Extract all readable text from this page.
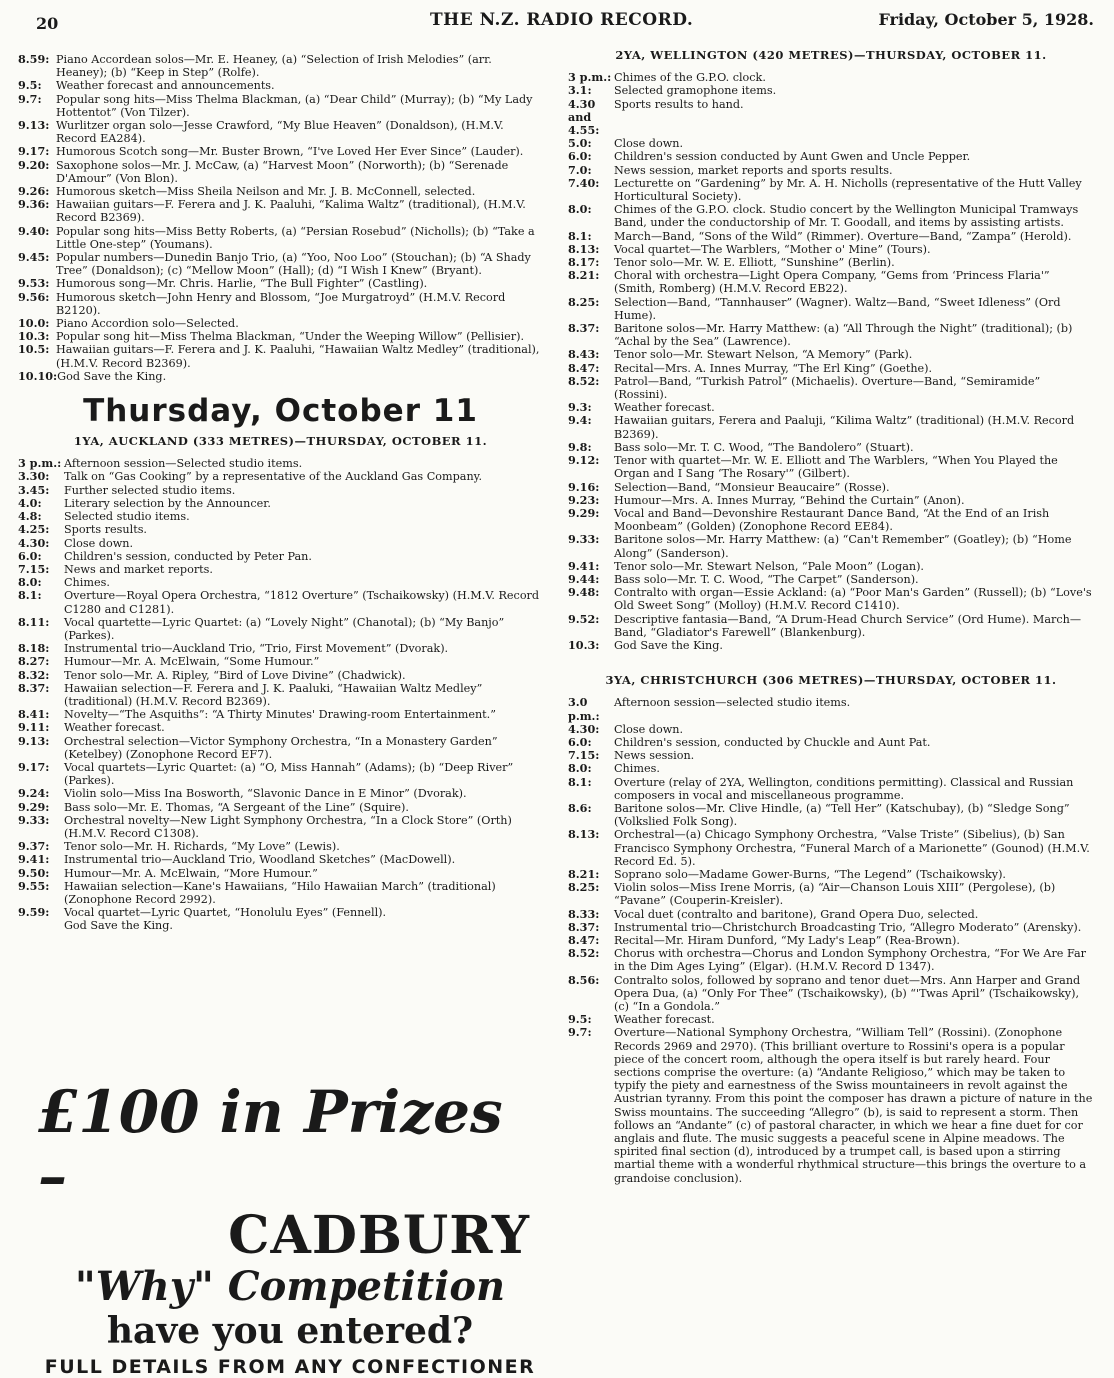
20	THE N.Z. RADIO RECORD.	Friday, October 5, 1928.
8.59: Piano Accordean solos—Mr. E. Heaney, (a) “Selection of Irish Melodies” (arr. Heaney); (b) “Keep in Step” (Rolfe).
9.5:	Weather forecast and announcements.
9.7:	Popular song hits—Miss Thelma Blackman, (a) “Dear Child” (Murray); (b) “My Lady Hottentot” (Von Tilzer).
9.13: Wurlitzer organ solo—Jesse Crawford, “My Blue Heaven” (Donaldson), (H.M.V. Record EA284).
9.17: Humorous Scotch song—Mr. Buster Brown, “I've Loved Her Ever Since” (Lauder).
9.20: Saxophone solos—Mr. J. McCaw, (a) “Harvest Moon” (Norworth); (b) “Serenade D'Amour” (Von Blon).
9.26: Humorous sketch—Miss Sheila Neilson and Mr. J. B. McConnell, selected.
9.36: Hawaiian guitars—F. Ferera and J. K. Paaluhi, “Kalima Waltz” (traditional), (H.M.V. Record B2369).
9.40: Popular song hits—Miss Betty Roberts, (a) “Persian Rosebud” (Nicholls); (b) “Take a Little One-step” (Youmans).
9.45: Popular numbers—Dunedin Banjo Trio, (a) “Yoo, Noo Loo” (Stouchan); (b) “A Shady Tree” (Donaldson); (c) “Mellow Moon” (Hall); (d) “I Wish I Knew” (Bryant).
9.53: Humorous song—Mr. Chris. Harlie, “The Bull Fighter” (Castling).
9.56: Humorous sketch—John Henry and Blossom, “Joe Murgatroyd” (H.M.V. Record B2120).
10.0: Piano Accordion solo—Selected.
10.3: Popular song hit—Miss Thelma Blackman, “Under the Weeping Willow” (Pellisier).
10.5: Hawaiian guitars—F. Ferera and J. K. Paaluhi, “Hawaiian Waltz Medley” (traditional), (H.M.V. Record B2369).
10.10: God Save the King.
Thursday, October 11
1YA, AUCKLAND (333 METRES)—THURSDAY, OCTOBER 11.
3 p.m.: Afternoon session—Selected studio items.
3.30:	Talk on “Gas Cooking” by a representative of the Auckland Gas Company.
3.45:	Further selected studio items.
4.0:	Literary selection by the Announcer.
4.8:	Selected studio items.
4.25:	Sports results.
4.30:	Close down.
6.0:	Children's session, conducted by Peter Pan.
7.15:	News and market reports.
8.0:	Chimes.
8.1:	Overture—Royal Opera Orchestra, “1812 Overture” (Tschaikowsky) (H.M.V. Record C1280 and C1281).
8.11:	Vocal quartette—Lyric Quartet: (a) “Lovely Night” (Chanotal); (b) “My Banjo” (Parkes).
8.18:	Instrumental trio—Auckland Trio, “Trio, First Movement” (Dvorak).
8.27:	Humour—Mr. A. McElwain, “Some Humour.”
8.32:	Tenor solo—Mr. A. Ripley, “Bird of Love Divine” (Chadwick).
8.37:	Hawaiian selection—F. Ferera and J. K. Paaluki, “Hawaiian Waltz Medley” (traditional) (H.M.V. Record B2369).
8.41:	Novelty—“The Asquiths”: “A Thirty Minutes' Drawing-room Entertainment.”
9.11:	Weather forecast.
9.13:	Orchestral selection—Victor Symphony Orchestra, “In a Monastery Garden” (Ketelbey) (Zonophone Record EF7).
9.17:	Vocal quartets—Lyric Quartet: (a) “O, Miss Hannah” (Adams); (b) “Deep River” (Parkes).
9.24:	Violin solo—Miss Ina Bosworth, “Slavonic Dance in E Minor” (Dvorak).
9.29:	Bass solo—Mr. E. Thomas, “A Sergeant of the Line” (Squire).
9.33:	Orchestral novelty—New Light Symphony Orchestra, “In a Clock Store” (Orth) (H.M.V. Record C1308).
9.37:	Tenor solo—Mr. H. Richards, “My Love” (Lewis).
9.41:	Instrumental trio—Auckland Trio, Woodland Sketches” (MacDowell).
9.50:	Humour—Mr. A. McElwain, “More Humour.”
9.55:	Hawaiian selection—Kane's Hawaiians, “Hilo Hawaiian March” (traditional) (Zonophone Record 2992).
9.59:	Vocal quartet—Lyric Quartet, “Honolulu Eyes” (Fennell).
God Save the King.
£100 in Prizes –
CADBURY
"Why" Competition
have you entered?
FULL DETAILS FROM ANY CONFECTIONER
2YA, WELLINGTON (420 METRES)—THURSDAY, OCTOBER 11.
3 p.m.: Chimes of the G.P.O. clock.
3.1:	Selected gramophone items.
4.30 and 4.55:
Sports results to hand.
5.0:	Close down.
6.0:	Children's session conducted by Aunt Gwen and Uncle Pepper.
7.0:	News session, market reports and sports results.
7.40:	Lecturette on “Gardening” by Mr. A. H. Nicholls (representative of the Hutt Valley Horticultural Society).
8.0:	Chimes of the G.P.O. clock. Studio concert by the Wellington Municipal Tramways Band, under the conductorship of Mr. T. Goodall, and items by assisting artists.
8.1:	March—Band, “Sons of the Wild” (Rimmer). Overture—Band, “Zampa” (Herold).
8.13:	Vocal quartet—The Warblers, “Mother o' Mine” (Tours).
8.17:	Tenor solo—Mr. W. E. Elliott, “Sunshine” (Berlin).
8.21:	Choral with orchestra—Light Opera Company, “Gems from ‘Princess Flaria'” (Smith, Romberg) (H.M.V. Record EB22).
8.25:	Selection—Band, “Tannhauser” (Wagner). Waltz—Band, “Sweet Idleness” (Ord Hume).
8.37:	Baritone solos—Mr. Harry Matthew: (a) “All Through the Night” (traditional); (b) “Achal by the Sea” (Lawrence).
8.43:	Tenor solo—Mr. Stewart Nelson, “A Memory” (Park).
8.47:	Recital—Mrs. A. Innes Murray, “The Erl King” (Goethe).
8.52:	Patrol—Band, “Turkish Patrol” (Michaelis). Overture—Band, “Semiramide” (Rossini).
9.3:	Weather forecast.
9.4:	Hawaiian guitars, Ferera and Paaluji, “Kilima Waltz” (traditional) (H.M.V. Record B2369).
9.8:	Bass solo—Mr. T. C. Wood, “The Bandolero” (Stuart).
9.12:	Tenor with quartet—Mr. W. E. Elliott and The Warblers, “When You Played the Organ and I Sang ‘The Rosary'” (Gilbert).
9.16:	Selection—Band, “Monsieur Beaucaire” (Rosse).
9.23:	Humour—Mrs. A. Innes Murray, “Behind the Curtain” (Anon).
9.29:	Vocal and Band—Devonshire Restaurant Dance Band, “At the End of an Irish Moonbeam” (Golden) (Zonophone Record EE84).
9.33:	Baritone solos—Mr. Harry Matthew: (a) “Can't Remember” (Goatley); (b) “Home Along” (Sanderson).
9.41:	Tenor solo—Mr. Stewart Nelson, “Pale Moon” (Logan).
9.44:	Bass solo—Mr. T. C. Wood, “The Carpet” (Sanderson).
9.48:	Contralto with organ—Essie Ackland: (a) “Poor Man's Garden” (Russell); (b) “Love's Old Sweet Song” (Molloy) (H.M.V. Record C1410).
9.52:	Descriptive fantasia—Band, “A Drum-Head Church Service” (Ord Hume). March—Band, “Gladiator's Farewell” (Blankenburg).
10.3:	God Save the King.
3YA, CHRISTCHURCH (306 METRES)—THURSDAY, OCTOBER 11.
3.0 p.m.:
Afternoon session—selected studio items.
4.30:	Close down.
6.0:	Children's session, conducted by Chuckle and Aunt Pat.
7.15:	News session.
8.0:	Chimes.
8.1:	Overture (relay of 2YA, Wellington, conditions permitting). Classical and Russian composers in vocal and miscellaneous programme.
8.6:	Baritone solos—Mr. Clive Hindle, (a) “Tell Her” (Katschubay), (b) “Sledge Song” (Volkslied Folk Song).
8.13:	Orchestral—(a) Chicago Symphony Orchestra, “Valse Triste” (Sibelius), (b) San Francisco Symphony Orchestra, “Funeral March of a Marionette” (Gounod) (H.M.V. Record Ed. 5).
8.21:	Soprano solo—Madame Gower-Burns, “The Legend” (Tschaikowsky).
8.25:	Violin solos—Miss Irene Morris, (a) “Air—Chanson Louis XIII” (Pergolese), (b) “Pavane” (Couperin-Kreisler).
8.33:	Vocal duet (contralto and baritone), Grand Opera Duo, selected.
8.37:	Instrumental trio—Christchurch Broadcasting Trio, “Allegro Moderato” (Arensky).
8.47:	Recital—Mr. Hiram Dunford, “My Lady's Leap” (Rea-Brown).
8.52:	Chorus with orchestra—Chorus and London Symphony Orchestra, “For We Are Far in the Dim Ages Lying” (Elgar). (H.M.V. Record D 1347).
8.56:	Contralto solos, followed by soprano and tenor duet—Mrs. Ann Harper and Grand Opera Dua, (a) “Only For Thee” (Tschaikowsky), (b) “'Twas April” (Tschaikowsky), (c) “In a Gondola.”
9.5:	Weather forecast.
9.7:	Overture—National Symphony Orchestra, “William Tell” (Rossini). (Zonophone Records 2969 and 2970). (This brilliant overture to Rossini's opera is a popular piece of the concert room, although the opera itself is but rarely heard. Four sections comprise the overture: (a) “Andante Religioso,” which may be taken to typify the piety and earnestness of the Swiss mountaineers in revolt against the Austrian tyranny. From this point the composer has drawn a picture of nature in the Swiss mountains. The succeeding “Allegro” (b), is said to represent a storm. Then follows an “Andante” (c) of pastoral character, in which we hear a fine duet for cor anglais and flute. The music suggests a peaceful scene in Alpine meadows. The spirited final section (d), introduced by a trumpet call, is based upon a stirring martial theme with a wonderful rhythmical structure—this brings the overture to a grandoise conclusion).
